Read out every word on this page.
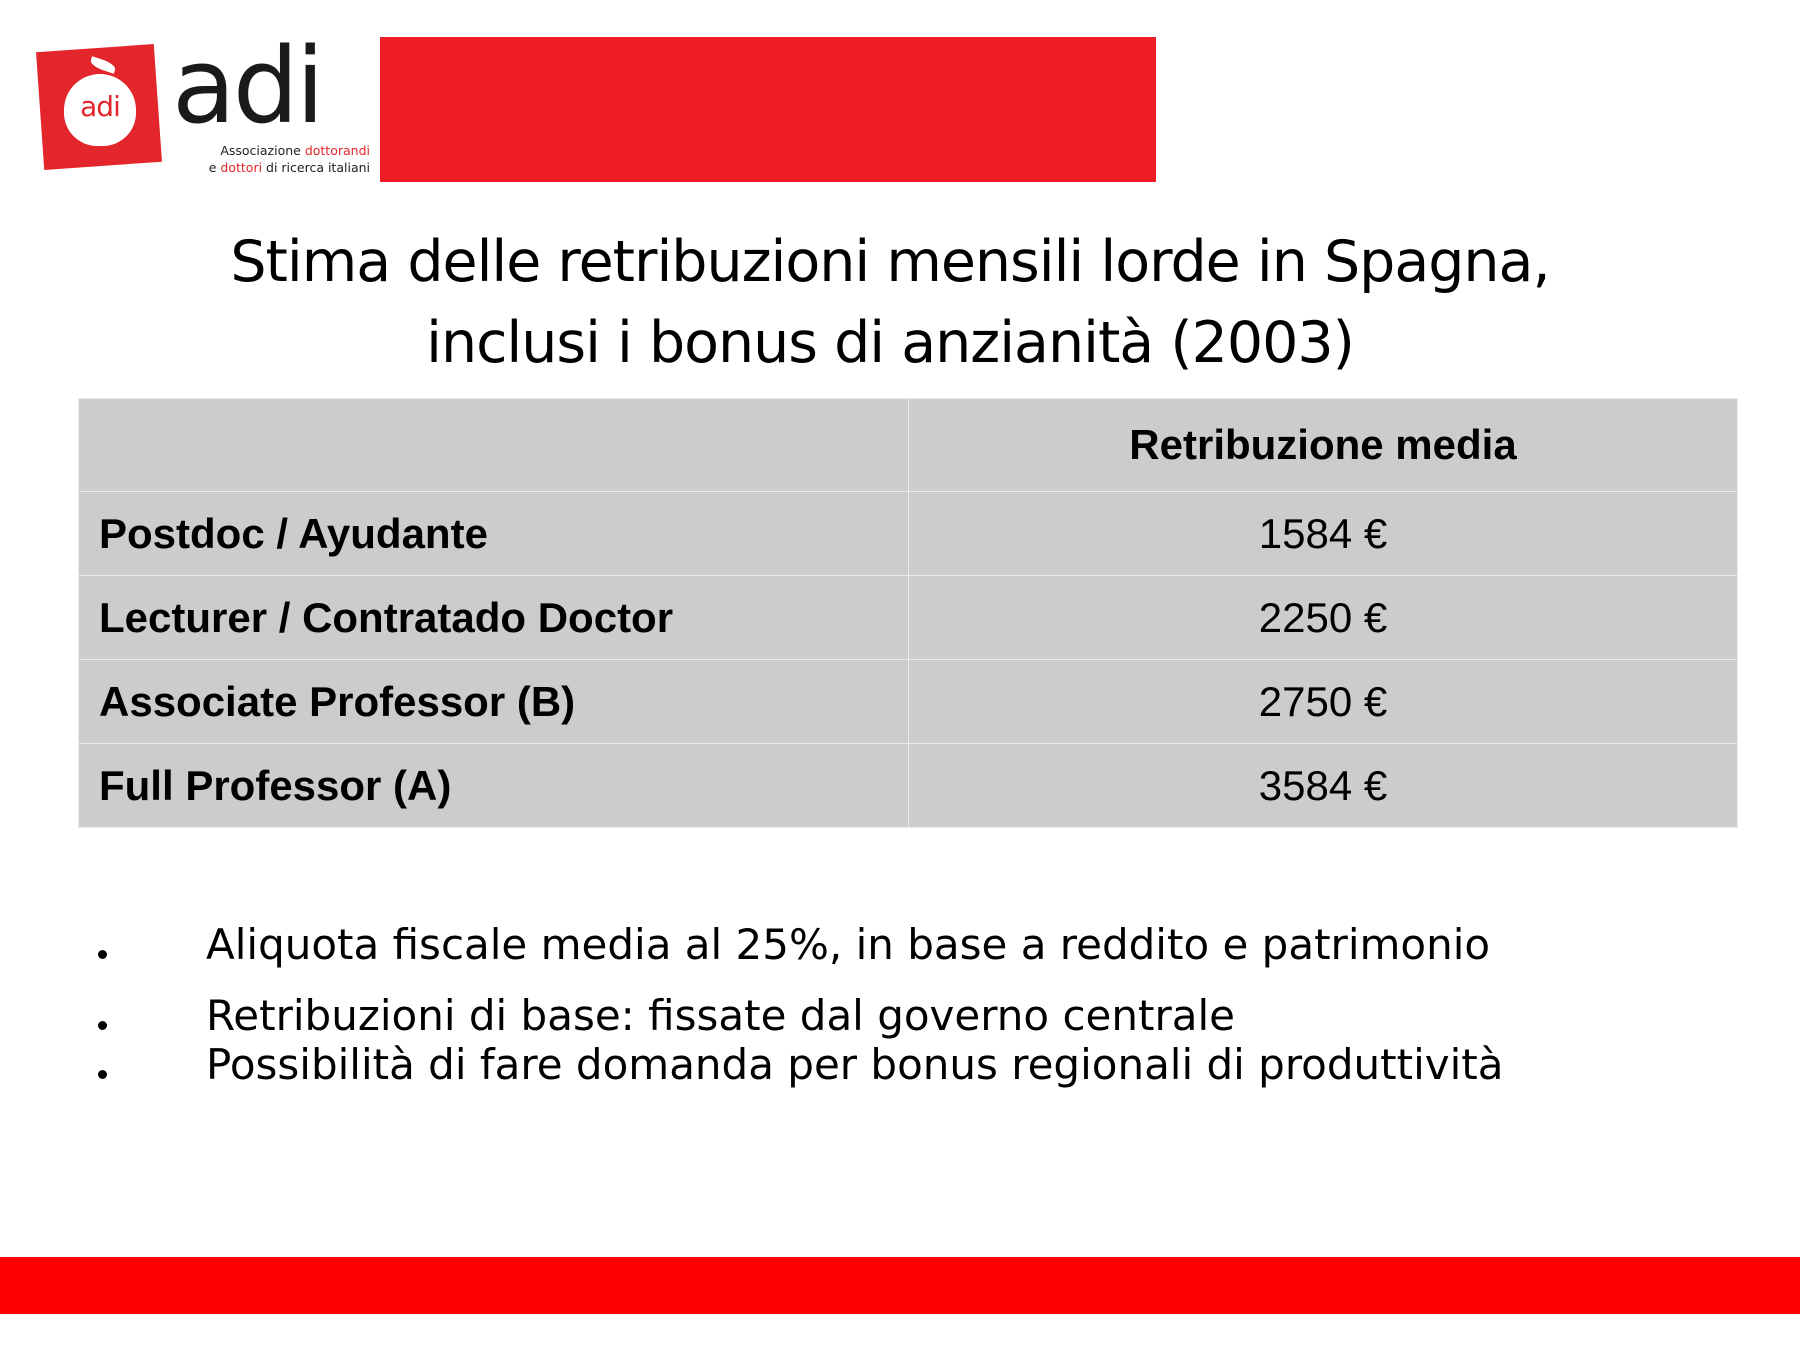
adi adi
Associazione dottorandi
e dottori di ricerca italiani
Stima delle retribuzioni mensili lorde in Spagna,
inclusi i bonus di anzianità (2003)
	Retribuzione media
Postdoc / Ayudante	1584 €
Lecturer / Contratado Doctor	2250 €
Associate Professor (B)	2750 €
Full Professor (A)	3584 €
Aliquota fiscale media al 25%, in base a reddito e patrimonio
Retribuzioni di base: fissate dal governo centrale
Possibilità di fare domanda per bonus regionali di produttività
